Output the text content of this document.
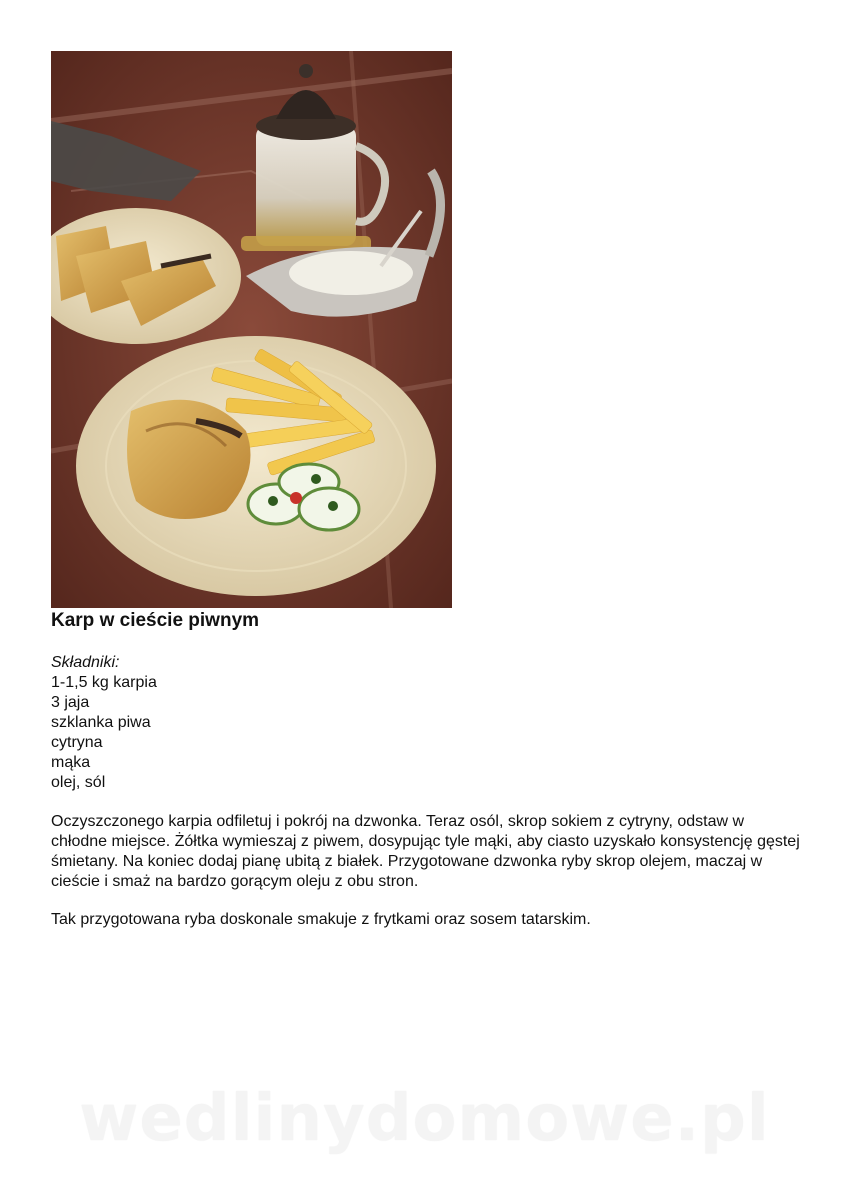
Karp w cieście piwnym
Składniki:
1-1,5 kg karpia
3 jaja
szklanka piwa
cytryna
mąka
olej, sól

Oczyszczonego karpia odfiletuj i pokrój na dzwonka. Teraz osól, skrop sokiem z cytryny, odstaw w chłodne miejsce. Żółtka wymieszaj z piwem, dosypując tyle mąki, aby ciasto uzyskało konsystencję gęstej śmietany. Na koniec dodaj pianę ubitą z białek. Przygotowane dzwonka ryby skrop olejem, maczaj w cieście i smaż na bardzo gorącym oleju z obu stron.

Tak przygotowana ryba doskonale smakuje z frytkami oraz sosem tatarskim.

wedlinydomowe.pl
